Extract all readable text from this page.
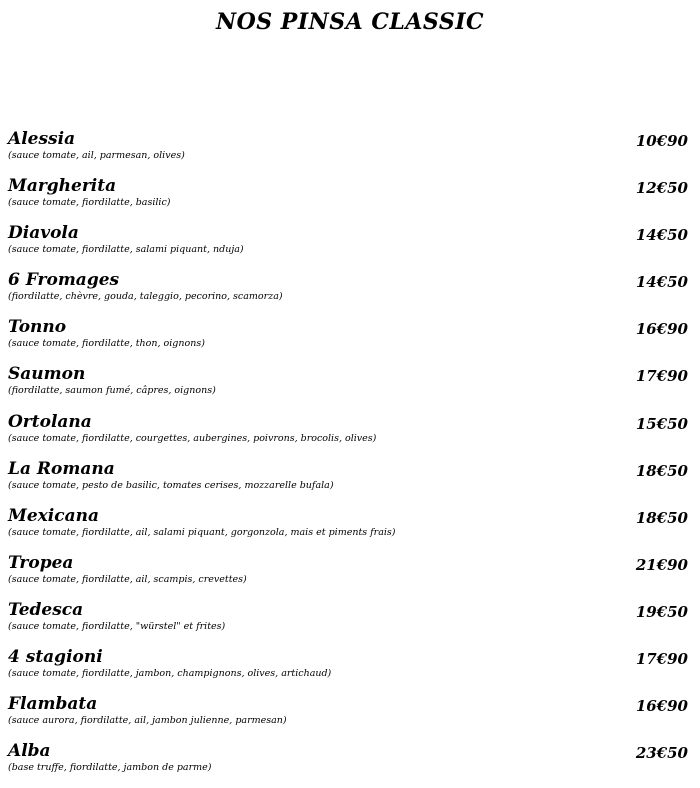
NOS PINSA CLASSIC
Alessia
(sauce tomate, ail, parmesan, olives)
10€90
Margherita
(sauce tomate, fiordilatte, basilic)
12€50
Diavola
(sauce tomate, fiordilatte, salami piquant, nduja)
14€50
6 Fromages
(fiordilatte, chèvre, gouda, taleggio, pecorino, scamorza)
14€50
Tonno
(sauce tomate, fiordilatte, thon, oignons)
16€90
Saumon
(fiordilatte, saumon fumé, câpres, oignons)
17€90
Ortolana
(sauce tomate, fiordilatte, courgettes, aubergines, poivrons, brocolis, olives)
15€50
La Romana
(sauce tomate, pesto de basilic, tomates cerises, mozzarelle bufala)
18€50
Mexicana
(sauce tomate, fiordilatte, ail, salami piquant, gorgonzola, mais et piments frais)
18€50
Tropea
(sauce tomate, fiordilatte, ail, scampis, crevettes)
21€90
Tedesca
(sauce tomate, fiordilatte, "würstel" et frites)
19€50
4 stagioni
(sauce tomate, fiordilatte, jambon, champignons, olives, artichaud)
17€90
Flambata
(sauce aurora, fiordilatte, ail, jambon julienne, parmesan)
16€90
Alba
(base truffe, fiordilatte, jambon de parme)
23€50
